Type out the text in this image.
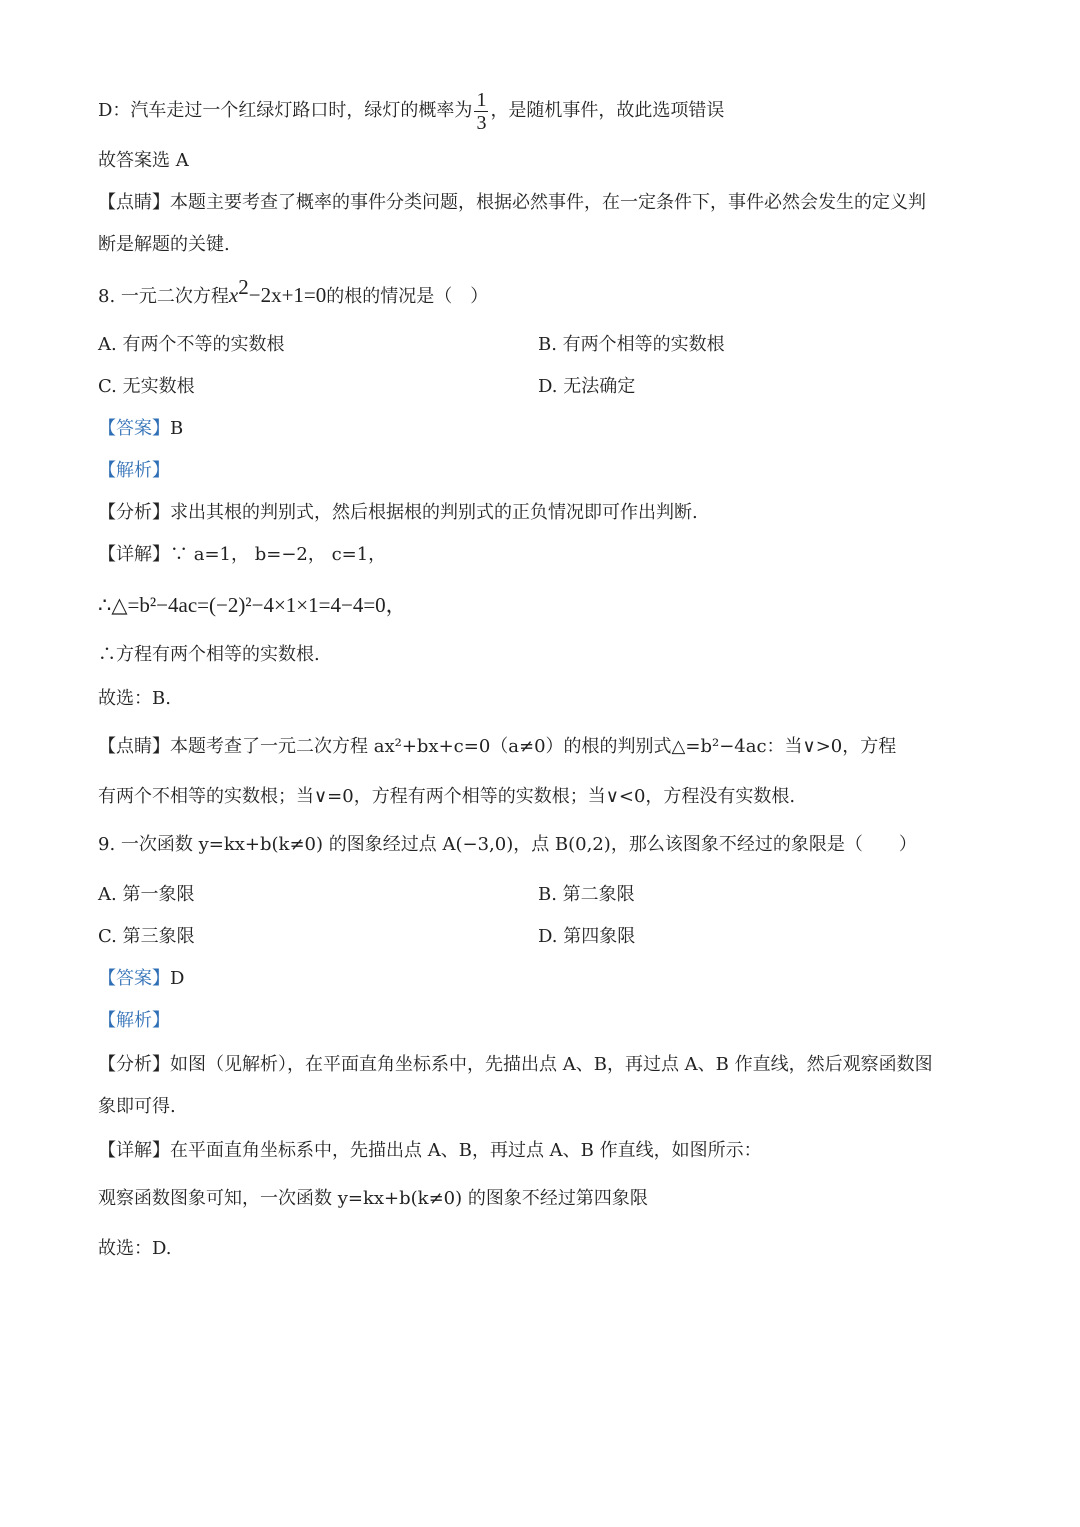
D：汽车走过一个红绿灯路口时，绿灯的概率为 $\frac{1}{3}$ ，是随机事件，故此选项错误
故答案选 A
【点睛】本题主要考查了概率的事件分类问题，根据必然事件，在一定条件下，事件必然会发生的定义判
断是解题的关键.
8. 一元二次方程$x^2-2x+1=0$的根的情况是（　）
A. 有两个不等的实数根	B. 有两个相等的实数根
C. 无实数根	D. 无法确定
【答案】B
【解析】
【分析】求出其根的判别式，然后根据根的判别式的正负情况即可作出判断.
【详解】∵ a=1， b=−2， c=1，
∴△=b²−4ac=(−2)²−4×1×1=4−4=0，
∴方程有两个相等的实数根.
故选：B.
【点睛】本题考查了一元二次方程 ax²+bx+c=0（a≠0）的根的判别式△=b²−4ac：当∨>0，方程
有两个不相等的实数根；当∨=0，方程有两个相等的实数根；当∨<0，方程没有实数根.
9. 一次函数 y=kx+b(k≠0) 的图象经过点 A(−3,0)，点 B(0,2)，那么该图象不经过的象限是（　　）
A. 第一象限	B. 第二象限
C. 第三象限	D. 第四象限
【答案】D
【解析】
【分析】如图（见解析），在平面直角坐标系中，先描出点 A、B，再过点 A、B 作直线，然后观察函数图
象即可得.
【详解】在平面直角坐标系中，先描出点 A、B，再过点 A、B 作直线，如图所示：
观察函数图象可知，一次函数 y=kx+b(k≠0) 的图象不经过第四象限
故选：D.
